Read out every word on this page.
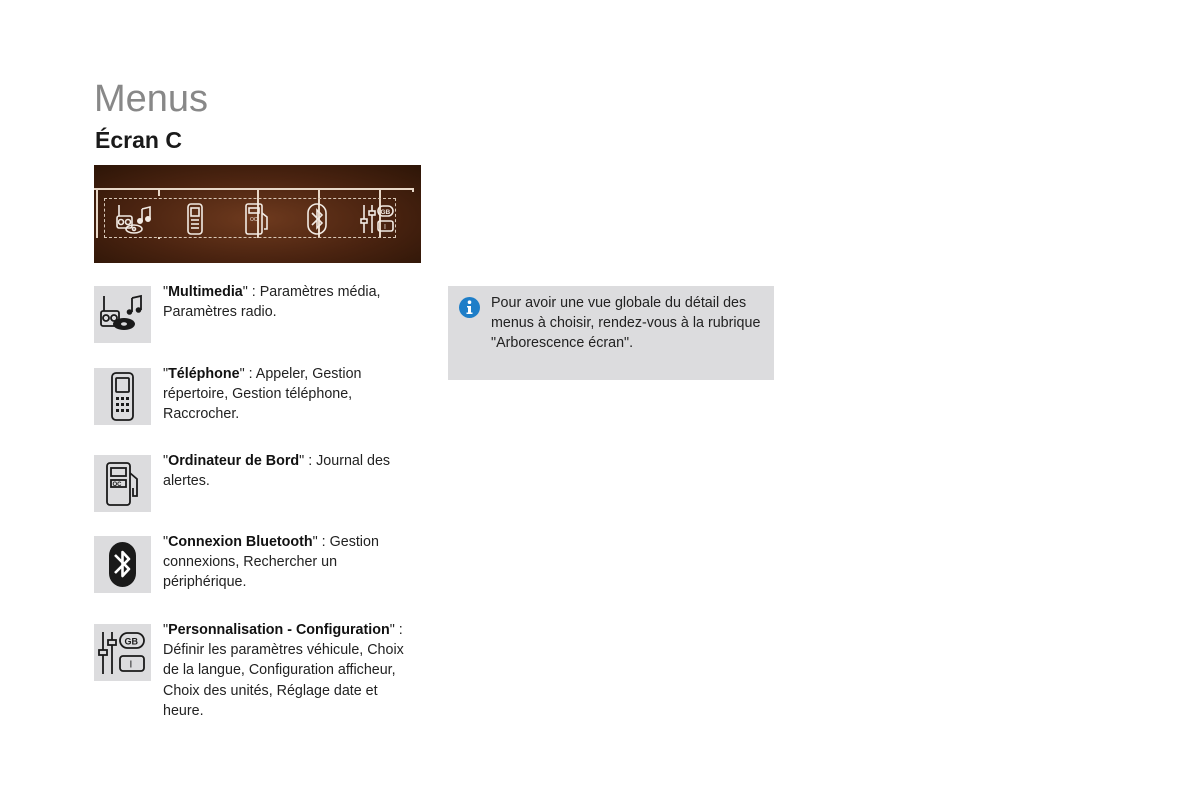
Menus
Écran C
OC
GB
I
"Multimedia" : Paramètres média, Paramètres radio.
"Téléphone" : Appeler, Gestion répertoire, Gestion téléphone, Raccrocher.
OC
"Ordinateur de Bord" : Journal des alertes.
"Connexion Bluetooth" : Gestion connexions, Rechercher un périphérique.
GB
I
"Personnalisation - Configuration" : Définir les paramètres véhicule, Choix de la langue, Configuration afficheur, Choix des unités, Réglage date et heure.
Pour avoir une vue globale du détail des menus à choisir, rendez-vous à la rubrique "Arborescence écran".
